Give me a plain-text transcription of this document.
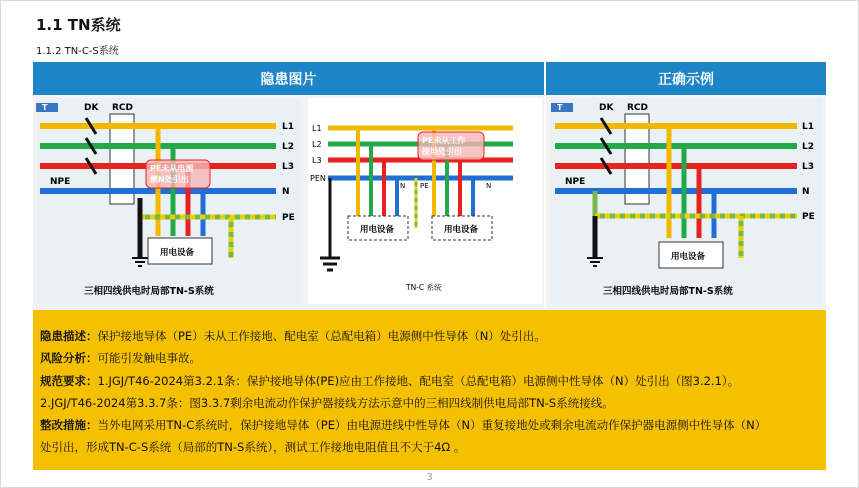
1.1 TN系统
1.1.2 TN-C-S系统
隐患图片	正确示例
T	DK RCD
L1
L2
L3
N
NPE
PE
用电设备
PE未从电源侧N处引出
三相四线供电时局部TN-S系统
L1
L2
L3
PEN
N PE	N
用电设备	用电设备
PE未从工作接地处引出
TN-C 系统
T	DK RCD
L1
L2
L3
N
NPE
PE
用电设备
三相四线供电时局部TN-S系统
隐患描述：保护接地导体（PE）未从工作接地、配电室（总配电箱）电源侧中性导体（N）处引出。
风险分析：可能引发触电事故。
规范要求：1.JGJ/T46-2024第3.2.1条：保护接地导体(PE)应由工作接地、配电室（总配电箱）电源侧中性导体（N）处引出（图3.2.1）。
2.JGJ/T46-2024第3.3.7条：图3.3.7剩余电流动作保护器接线方法示意中的三相四线制供电局部TN-S系统接线。
整改措施：当外电网采用TN-C系统时，保护接地导体（PE）由电源进线中性导体（N）重复接地处或剩余电流动作保护器电源侧中性导体（N）
处引出，形成TN-C-S系统（局部的TN-S系统），测试工作接地电阻值且不大于4Ω 。
3
